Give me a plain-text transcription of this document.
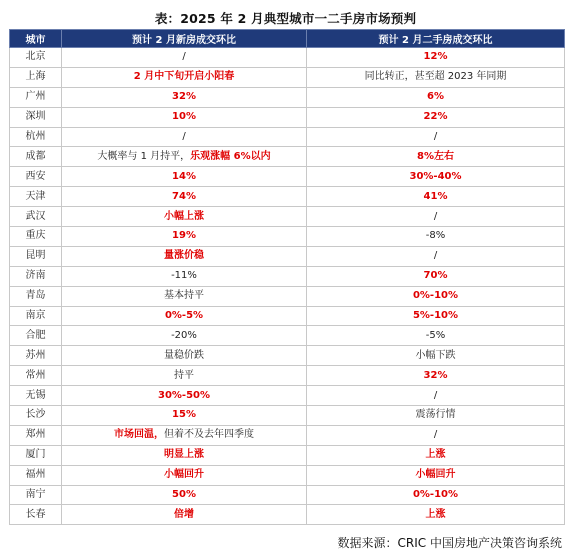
表：2025 年 2 月典型城市一二手房市场预判
城市	预计 2 月新房成交环比	预计 2 月二手房成交环比
北京	/	12%
上海	2 月中下旬开启小阳春	同比转正，甚至超 2023 年同期
广州	32%	6%
深圳	10%	22%
杭州	/	/
成都	大概率与 1 月持平，乐观涨幅 6%以内	8%左右
西安	14%	30%-40%
天津	74%	41%
武汉	小幅上涨	/
重庆	19%	-8%
昆明	量涨价稳	/
济南	-11%	70%
青岛	基本持平	0%-10%
南京	0%-5%	5%-10%
合肥	-20%	-5%
苏州	量稳价跌	小幅下跌
常州	持平	32%
无锡	30%-50%	/
长沙	15%	震荡行情
郑州	市场回温，但着不及去年四季度	/
厦门	明显上涨	上涨
福州	小幅回升	小幅回升
南宁	50%	0%-10%
长春	倍增	上涨
数据来源：CRIC 中国房地产决策咨询系统
